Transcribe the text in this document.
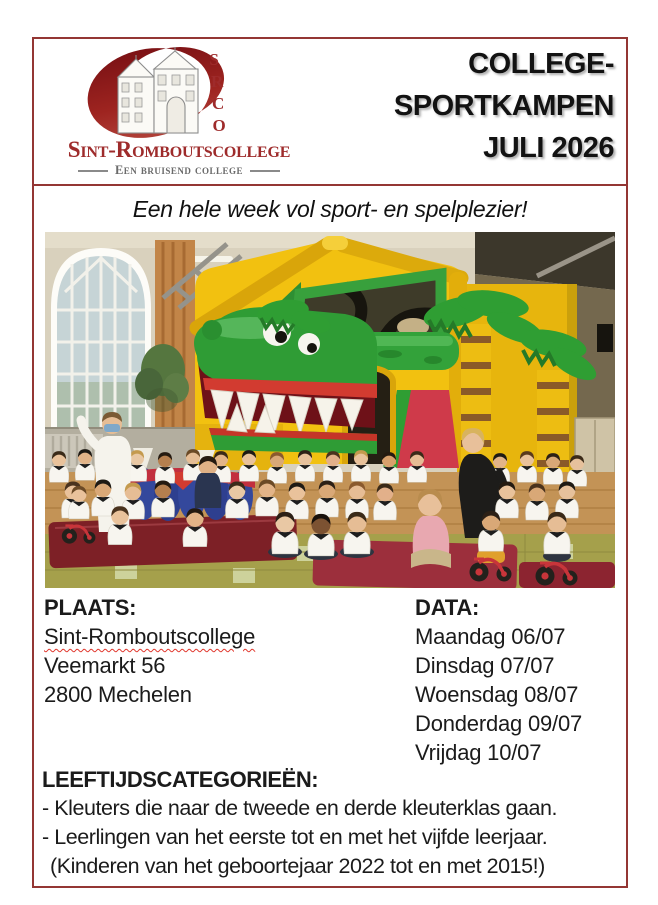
S
R
C
O
Sint-Romboutscollege
Een bruisend college
COLLEGE-
SPORTKAMPEN
JULI 2026
Een hele week vol sport- en spelplezier!
PLAATS:
Sint-Romboutscollege
Veemarkt 56
2800 Mechelen
DATA:
Maandag 06/07
Dinsdag 07/07
Woensdag 08/07
Donderdag 09/07
Vrijdag 10/07
LEEFTIJDSCATEGORIEËN:
- Kleuters die naar de tweede en derde kleuterklas gaan.
- Leerlingen van het eerste tot en met het vijfde leerjaar.
(Kinderen van het geboortejaar 2022 tot en met 2015!)
